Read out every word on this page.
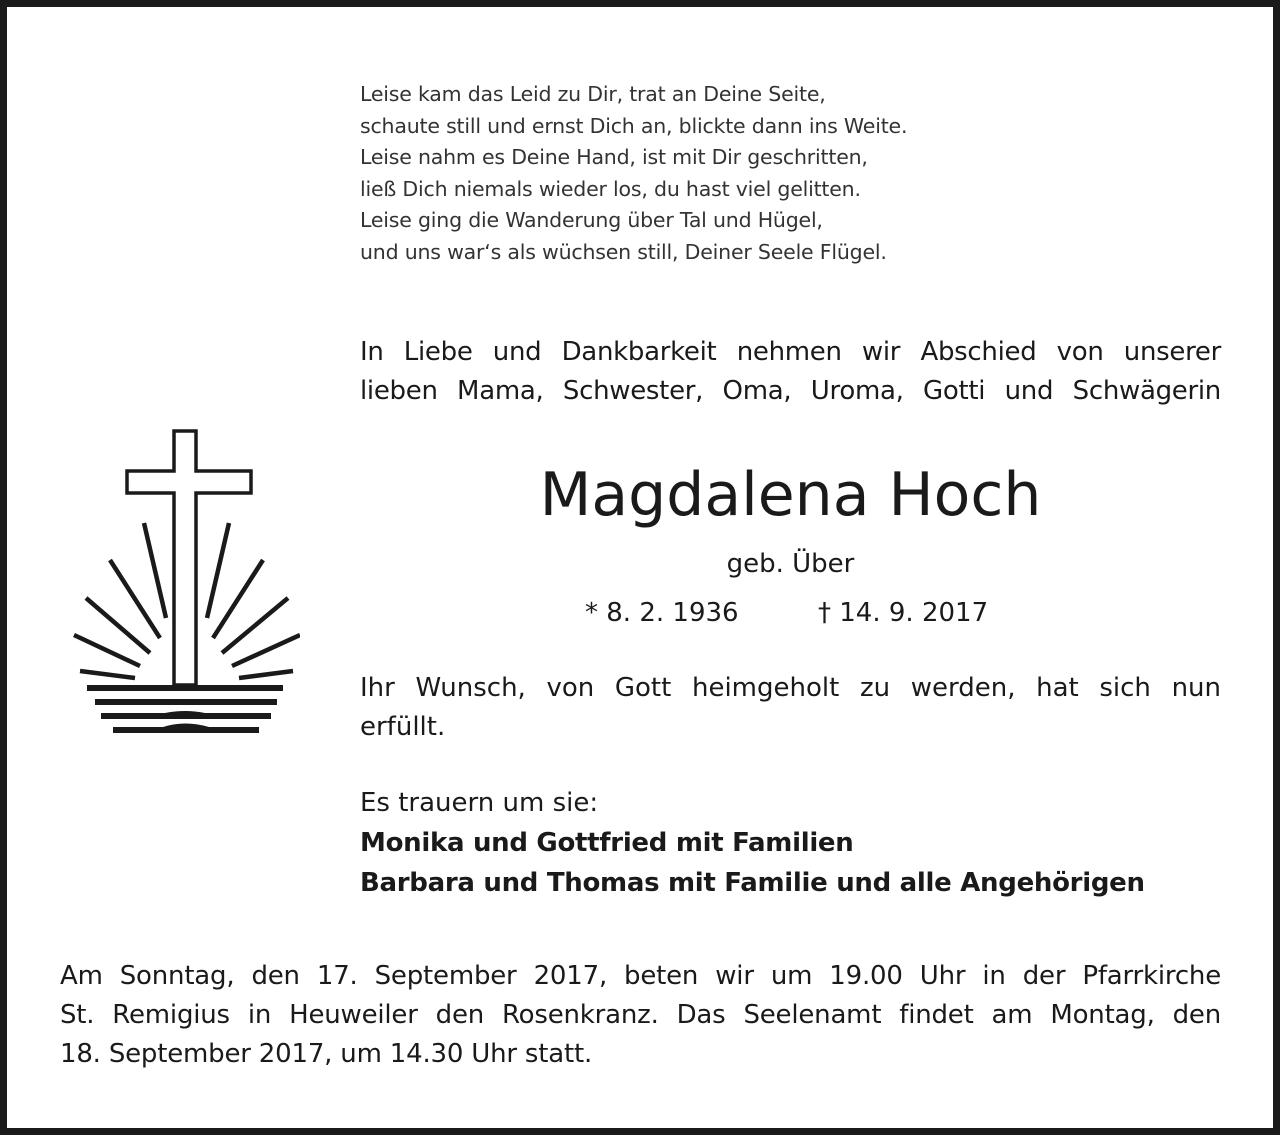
Leise kam das Leid zu Dir, trat an Deine Seite,
schaute still und ernst Dich an, blickte dann ins Weite.
Leise nahm es Deine Hand, ist mit Dir geschritten,
ließ Dich niemals wieder los, du hast viel gelitten.
Leise ging die Wanderung über Tal und Hügel,
und uns war‘s als wüchsen still, Deiner Seele Flügel.
In Liebe und Dankbarkeit nehmen wir Abschied von unserer
lieben Mama, Schwester, Oma, Uroma, Gotti und Schwägerin
Magdalena Hoch
geb. Über
* 8. 2. 1936	† 14. 9. 2017
Ihr Wunsch, von Gott heimgeholt zu werden, hat sich nun
erfüllt.
Es trauern um sie:
Monika und Gottfried mit Familien
Barbara und Thomas mit Familie und alle Angehörigen
Am Sonntag, den 17. September 2017, beten wir um 19.00 Uhr in der Pfarrkirche
St. Remigius in Heuweiler den Rosenkranz. Das Seelenamt findet am Montag, den
18. September 2017, um 14.30 Uhr statt.
